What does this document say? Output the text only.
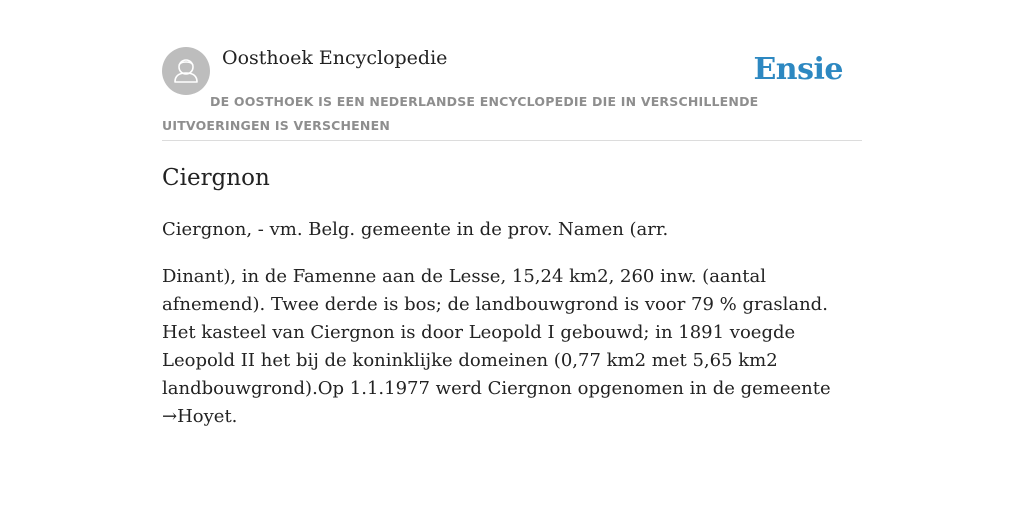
Oosthoek Encyclopedie	Ensie
DE OOSTHOEK IS EEN NEDERLANDSE ENCYCLOPEDIE DIE IN VERSCHILLENDE UITVOERINGEN IS VERSCHENEN
Ciergnon

Ciergnon, - vm. Belg. gemeente in de prov. Namen (arr.

Dinant), in de Famenne aan de Lesse, 15,24 km2, 260 inw. (aantal afnemend). Twee derde is bos; de landbouwgrond is voor 79 % grasland. Het kasteel van Ciergnon is door Leopold I gebouwd; in 1891 voegde Leopold II het bij de koninklijke domeinen (0,77 km2 met 5,65 km2 landbouwgrond).Op 1.1.1977 werd Ciergnon opgenomen in de gemeente →Hoyet.
